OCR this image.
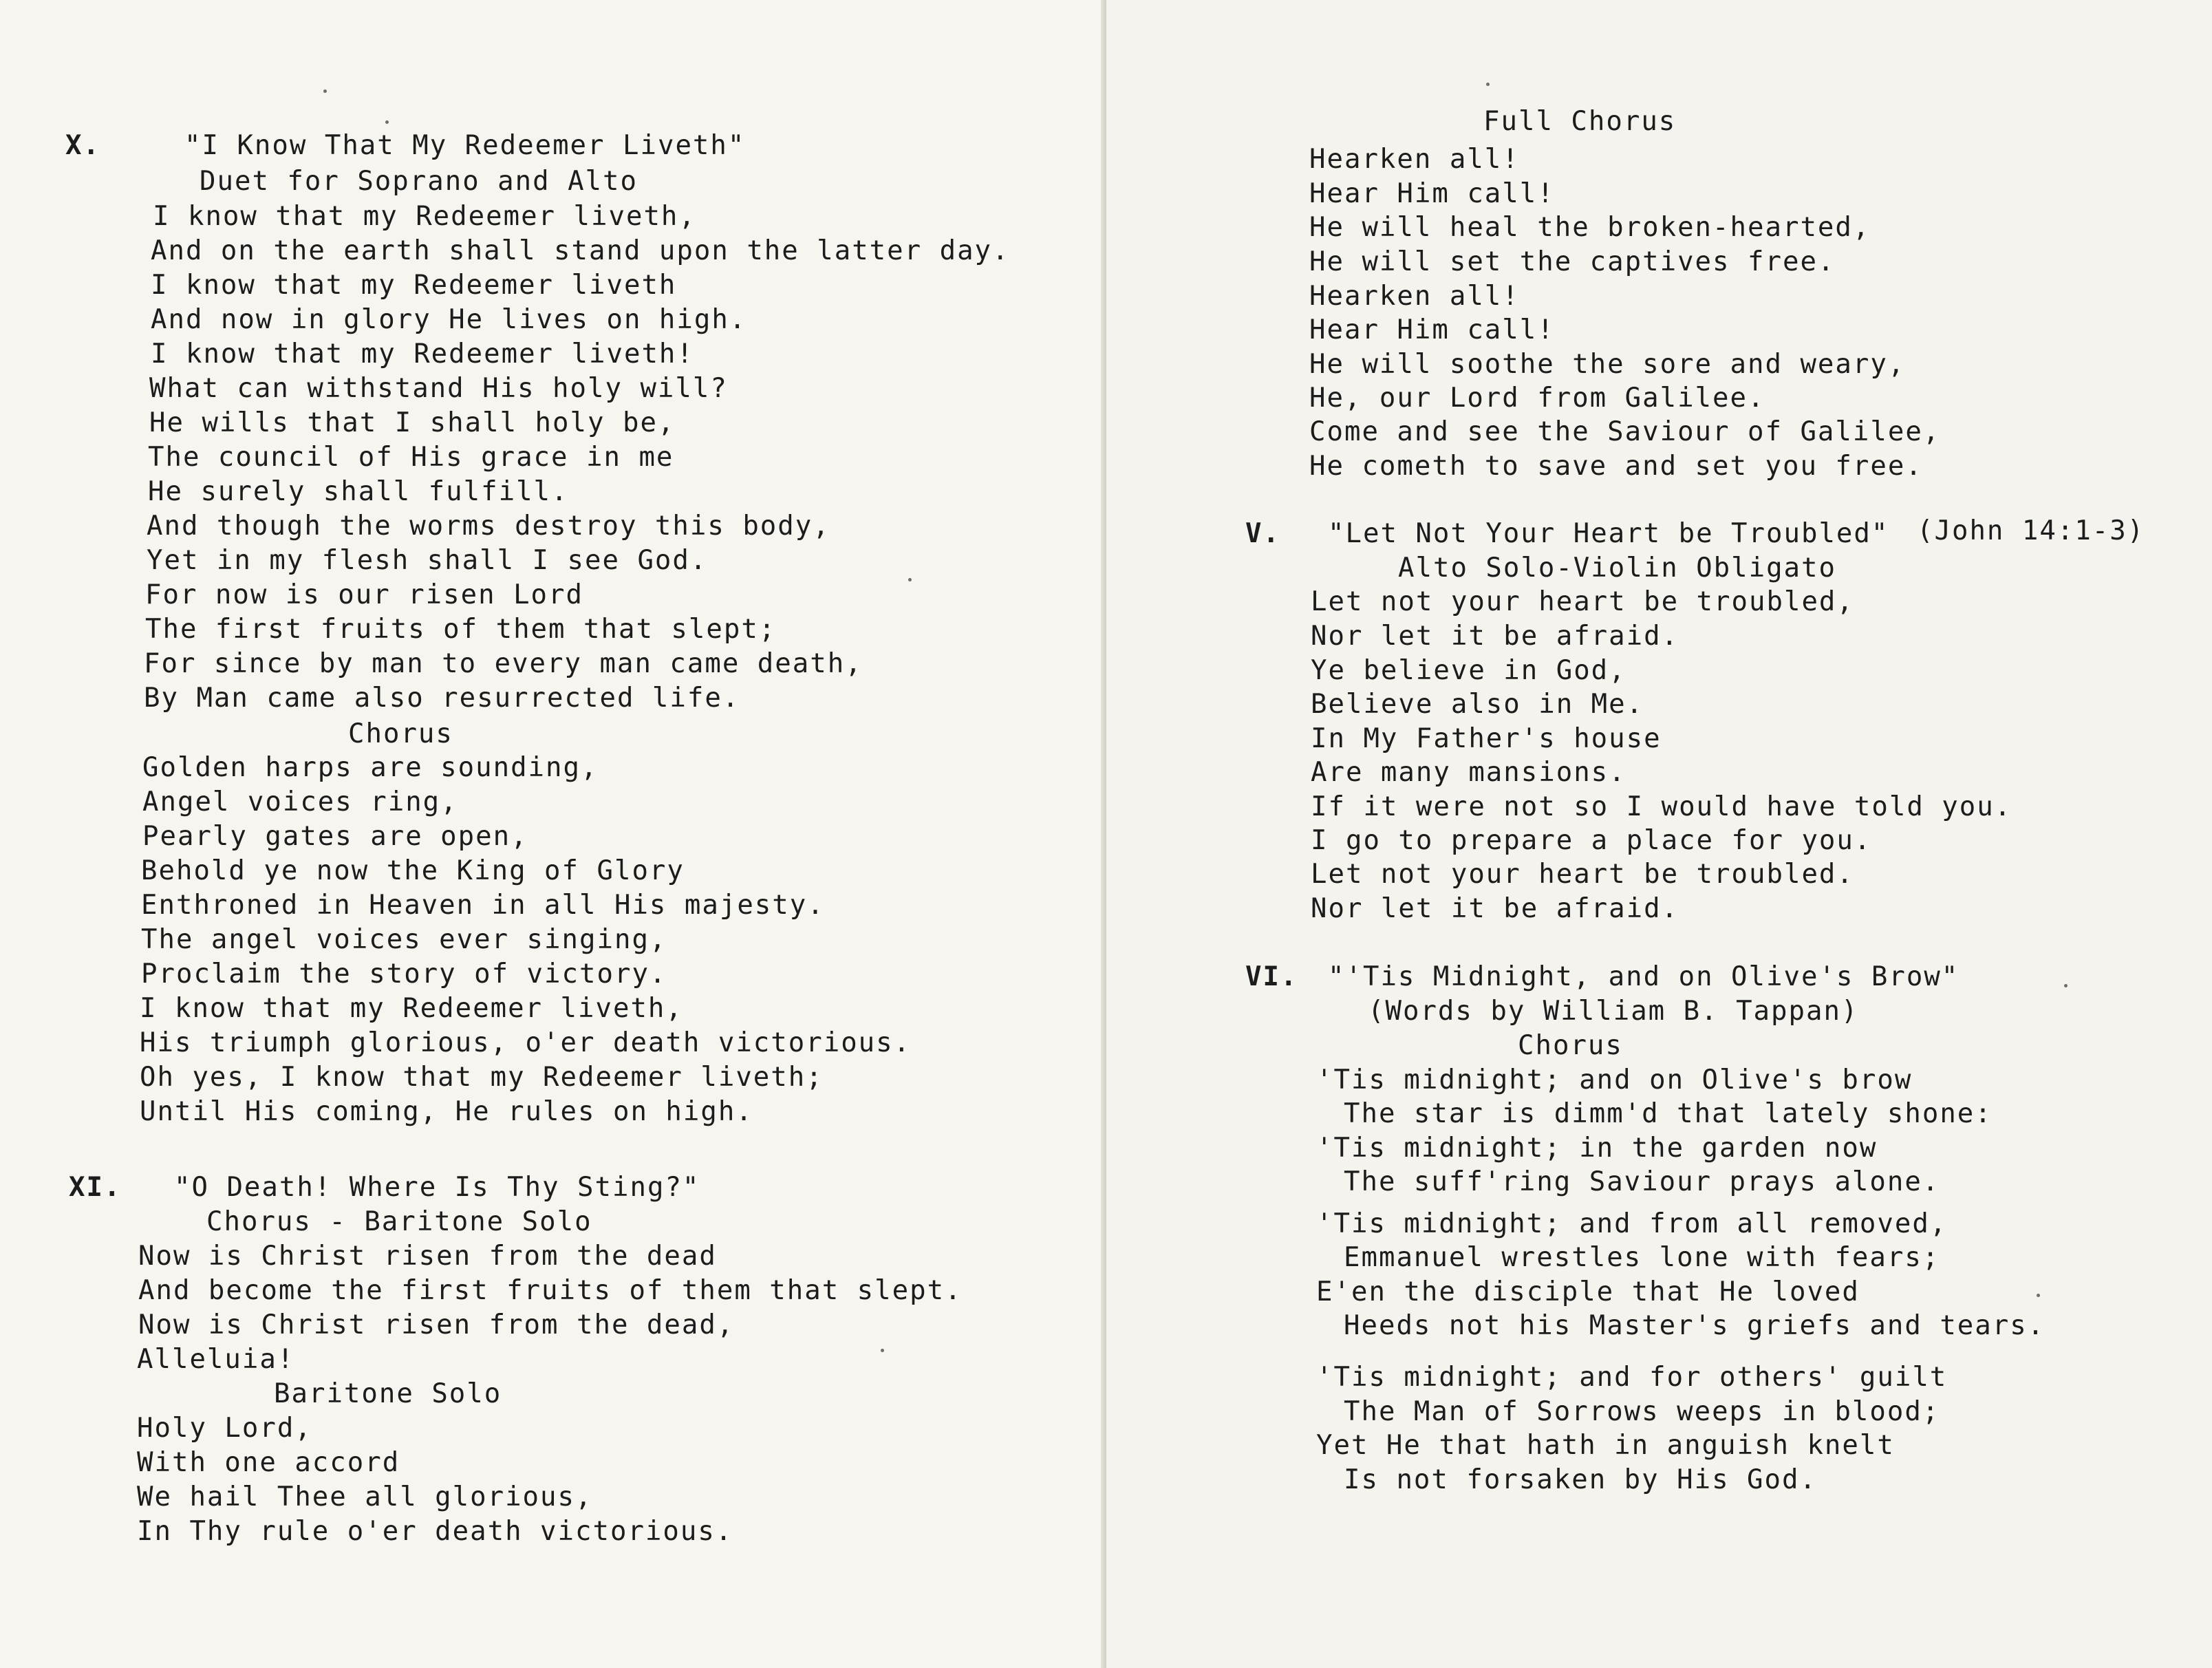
X.	"I Know That My Redeemer Liveth"
Duet for Soprano and Alto
I know that my Redeemer liveth,
And on the earth shall stand upon the latter day.
I know that my Redeemer liveth
And now in glory He lives on high.
I know that my Redeemer liveth!
What can withstand His holy will?
He wills that I shall holy be,
The council of His grace in me
He surely shall fulfill.
And though the worms destroy this body,
Yet in my flesh shall I see God.
For now is our risen Lord
The first fruits of them that slept;
For since by man to every man came death,
By Man came also resurrected life.
Chorus
Golden harps are sounding,
Angel voices ring,
Pearly gates are open,
Behold ye now the King of Glory
Enthroned in Heaven in all His majesty.
The angel voices ever singing,
Proclaim the story of victory.
I know that my Redeemer liveth,
His triumph glorious, o'er death victorious.
Oh yes, I know that my Redeemer liveth;
Until His coming, He rules on high.
XI. "O Death! Where Is Thy Sting?"
Chorus - Baritone Solo
Now is Christ risen from the dead
And become the first fruits of them that slept.
Now is Christ risen from the dead,
Alleluia!
Baritone Solo
Holy Lord,
With one accord
We hail Thee all glorious,
In Thy rule o'er death victorious.
Full Chorus
Hearken all!
Hear Him call!
He will heal the broken-hearted,
He will set the captives free.
Hearken all!
Hear Him call!
He will soothe the sore and weary,
He, our Lord from Galilee.
Come and see the Saviour of Galilee,
He cometh to save and set you free.
V. "Let Not Your Heart be Troubled" (John 14:1-3)
Alto Solo-Violin Obligato
Let not your heart be troubled,
Nor let it be afraid.
Ye believe in God,
Believe also in Me.
In My Father's house
Are many mansions.
If it were not so I would have told you.
I go to prepare a place for you.
Let not your heart be troubled.
Nor let it be afraid.
VI. "'Tis Midnight, and on Olive's Brow"
(Words by William B. Tappan)
Chorus
'Tis midnight; and on Olive's brow
The star is dimm'd that lately shone:
'Tis midnight; in the garden now
The suff'ring Saviour prays alone.
'Tis midnight; and from all removed,
Emmanuel wrestles lone with fears;
E'en the disciple that He loved
Heeds not his Master's griefs and tears.
'Tis midnight; and for others' guilt
The Man of Sorrows weeps in blood;
Yet He that hath in anguish knelt
Is not forsaken by His God.
